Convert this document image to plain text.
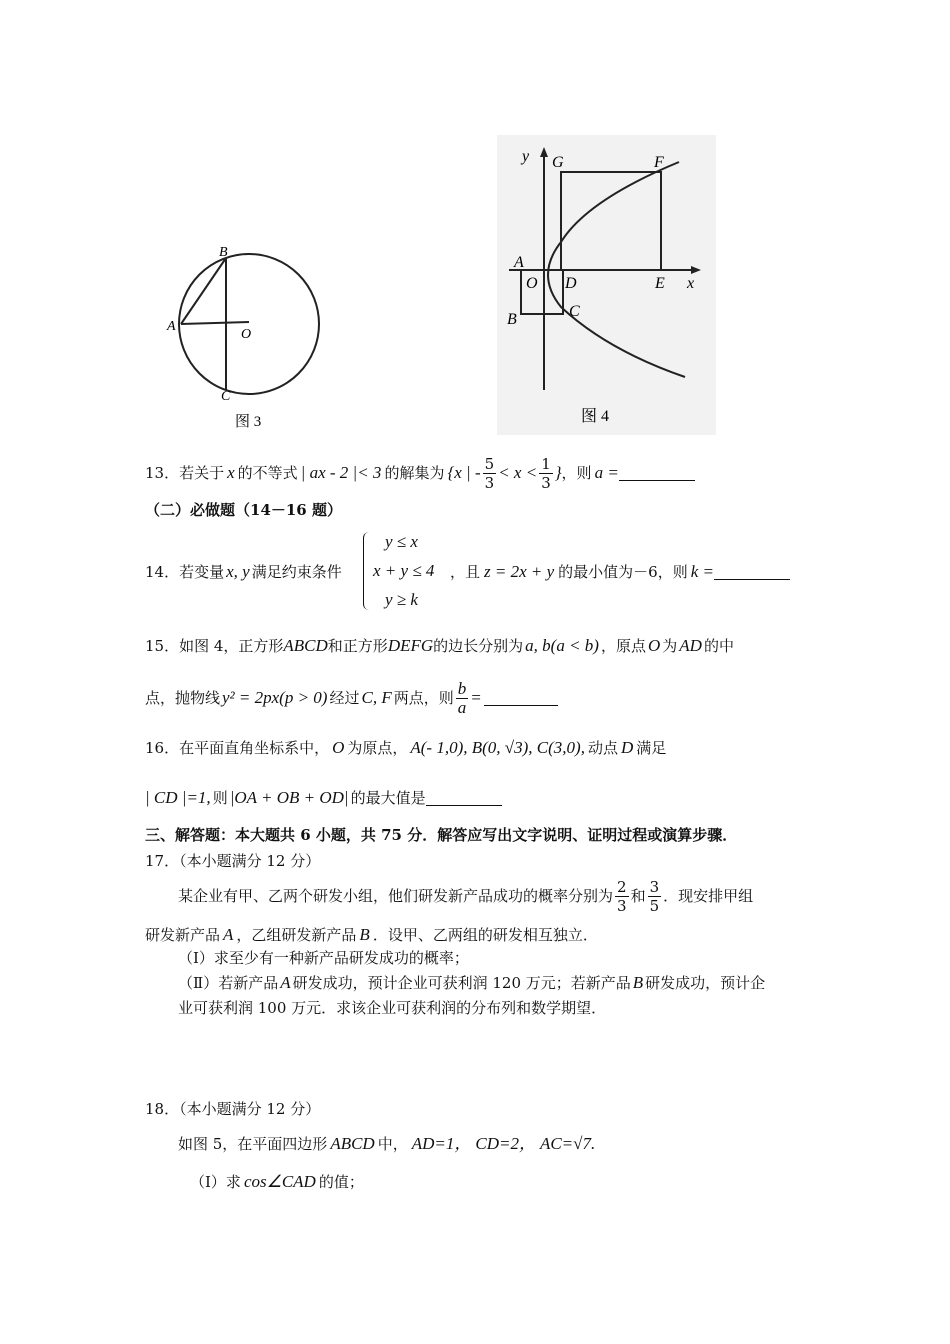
B
A
O
C
图 3
y G	F
A
O D	E x
B	C
图 4
13．若关于 x 的不等式 | ax - 2 |< 3 的解集为 {x | - $\frac{5}{3} < x < \frac{1}{3}$ } ，则 a =
（二）必做题（14－16 题）
14．若变量 x, y 满足约束条件
y ≤ x
x + y ≤ 4
y ≥ k
，且 z = 2x + y 的最小值为－6，则 k =
15．如图 4，正方形 ABCD 和正方形 DEFG 的边长分别为 a, b(a < b) ，原点 O 为 AD 的中
点，抛物线 y² = 2px(p > 0) 经过 C, F 两点，则 $\frac{b}{a}$ =
16．在平面直角坐标系中， O 为原点， A(- 1,0), B(0, √3), C(3,0), 动点 D 满足
| CD |=1, 则 |OA + OB + OD| 的最大值是
三、解答题：本大题共 6 小题，共 75 分．解答应写出文字说明、证明过程或演算步骤．
17．（本小题满分 12 分）
某企业有甲、乙两个研发小组，他们研发新产品成功的概率分别为 $\frac{2}{3}$ 和 $\frac{3}{5}$ ．现安排甲组
研发新产品 A ，乙组研发新产品 B ．设甲、乙两组的研发相互独立．
（Ⅰ）求至少有一种新产品研发成功的概率；
（Ⅱ）若新产品 A 研发成功，预计企业可获利润 120 万元；若新产品 B 研发成功，预计企
业可获利润 100 万元．求该企业可获利润的分布列和数学期望．
18．（本小题满分 12 分）
如图 5，在平面四边形 ABCD 中， AD=1， CD=2， AC=√7.
（Ⅰ）求 cos∠CAD 的值；
